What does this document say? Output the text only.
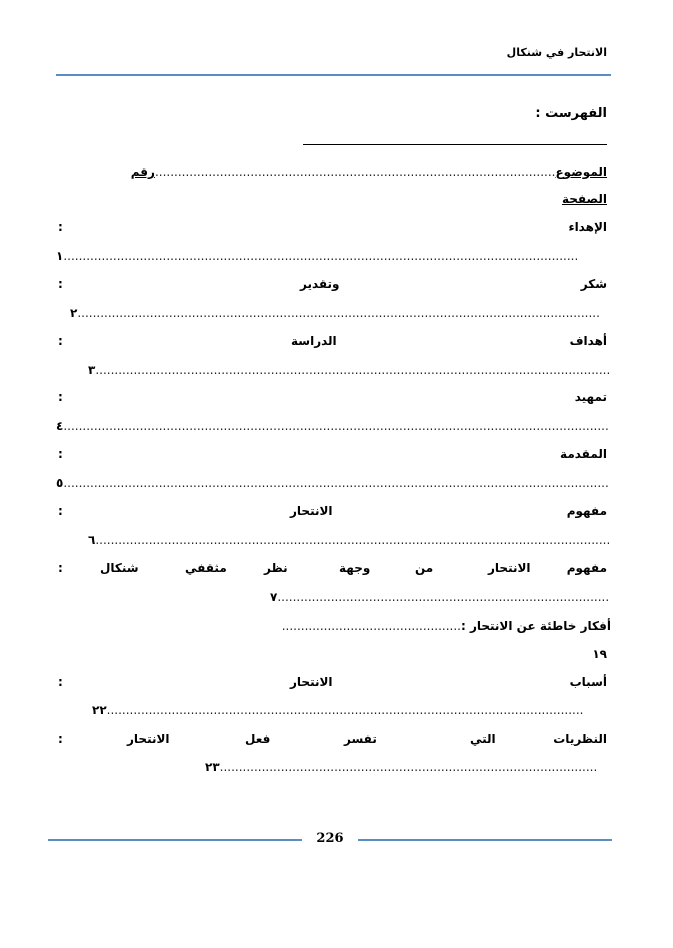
الانتحار في شنكال
الفهرست :
الموضوع.........................................................................................................رقم
الصفحة
الإهداء
:
.......................................................................................................................................١
شكر
وتقدير
:
.........................................................................................................................................٢
أهداف
الدراسة
:
.......................................................................................................................................٣
تمهيد
:
...............................................................................................................................................٤
المقدمة
:
...............................................................................................................................................٥
مفهوم
الانتحار
:
.......................................................................................................................................٦
مفهوم
الانتحار
من
وجهة
نظر
مثقفي
شنكال
:
.......................................................................................٧
أفكار خاطئة عن الانتحار :...............................................
١٩
أسباب
الانتحار
:
.............................................................................................................................٢٢
النظريات
التي
تفسر
فعل
الانتحار
:
...................................................................................................٢٣
226
